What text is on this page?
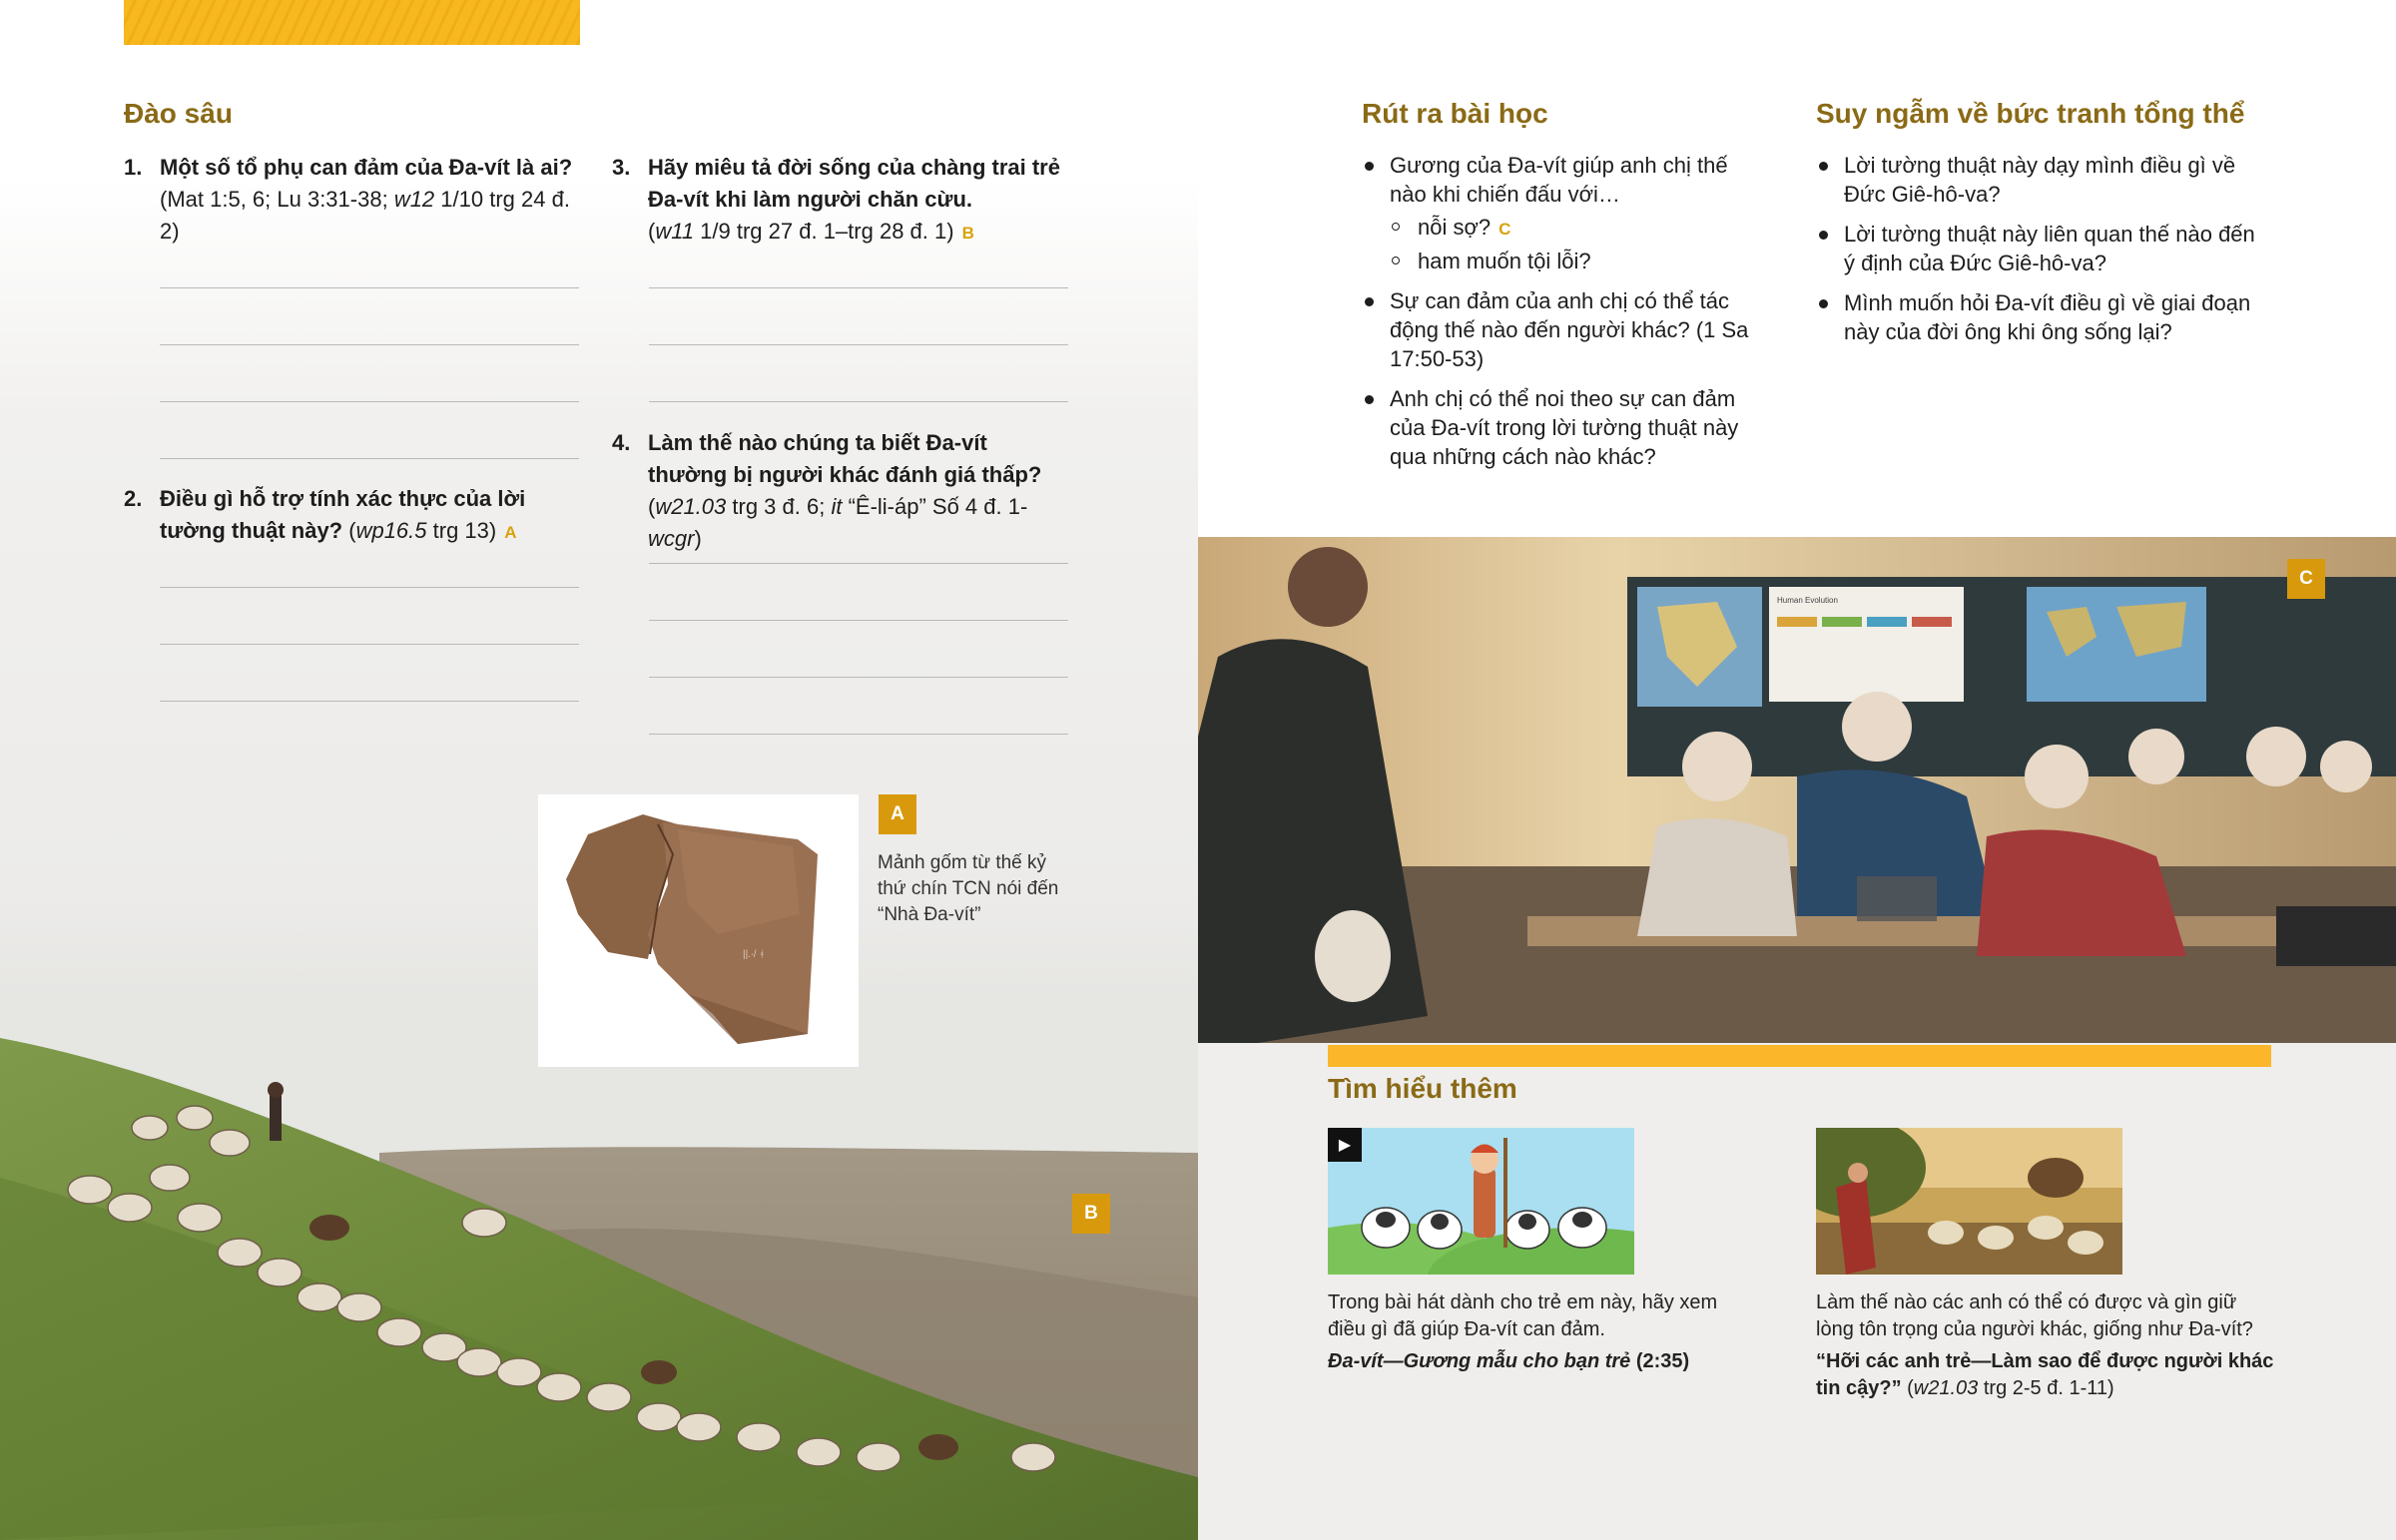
Đào sâu
1. Một số tổ phụ can đảm của Đa-vít là ai? (Mat 1:5, 6; Lu 3:31-38; w12 1/10 trg 24 đ. 2)
2. Điều gì hỗ trợ tính xác thực của lời tường thuật này? (wp16.5 trg 13) A
3. Hãy miêu tả đời sống của chàng trai trẻ Đa-vít khi làm người chăn cừu.
(w11 1/9 trg 27 đ. 1–trg 28 đ. 1) B
4. Làm thế nào chúng ta biết Đa-vít thường bị người khác đánh giá thấp? (w21.03 trg 3 đ. 6; it “Ê-li-áp” Số 4 đ. 1-wcgr)
B
||.∙/ ᚼ
A
Mảnh gốm từ thế kỷ thứ chín TCN nói đến “Nhà Đa-vít”
Rút ra bài học
Gương của Đa-vít giúp anh chị thế nào khi chiến đấu với…
nỗi sợ? C
ham muốn tội lỗi?
Sự can đảm của anh chị có thể tác động thế nào đến người khác? (1 Sa 17:50-53)
Anh chị có thể noi theo sự can đảm của Đa-vít trong lời tường thuật này qua những cách nào khác?
Suy ngẫm về bức tranh tổng thể
Lời tường thuật này dạy mình điều gì về Đức Giê-hô-va?
Lời tường thuật này liên quan thế nào đến ý định của Đức Giê-hô-va?
Mình muốn hỏi Đa-vít điều gì về giai đoạn này của đời ông khi ông sống lại?
Human Evolution
C
Tìm hiểu thêm
▶
Trong bài hát dành cho trẻ em này, hãy xem điều gì đã giúp Đa-vít can đảm.
Đa-vít—Gương mẫu cho bạn trẻ (2:35)
Làm thế nào các anh có thể có được và gìn giữ lòng tôn trọng của người khác, giống như Đa-vít?
“Hỡi các anh trẻ—Làm sao để được người khác tin cậy?” (w21.03 trg 2-5 đ. 1-11)
